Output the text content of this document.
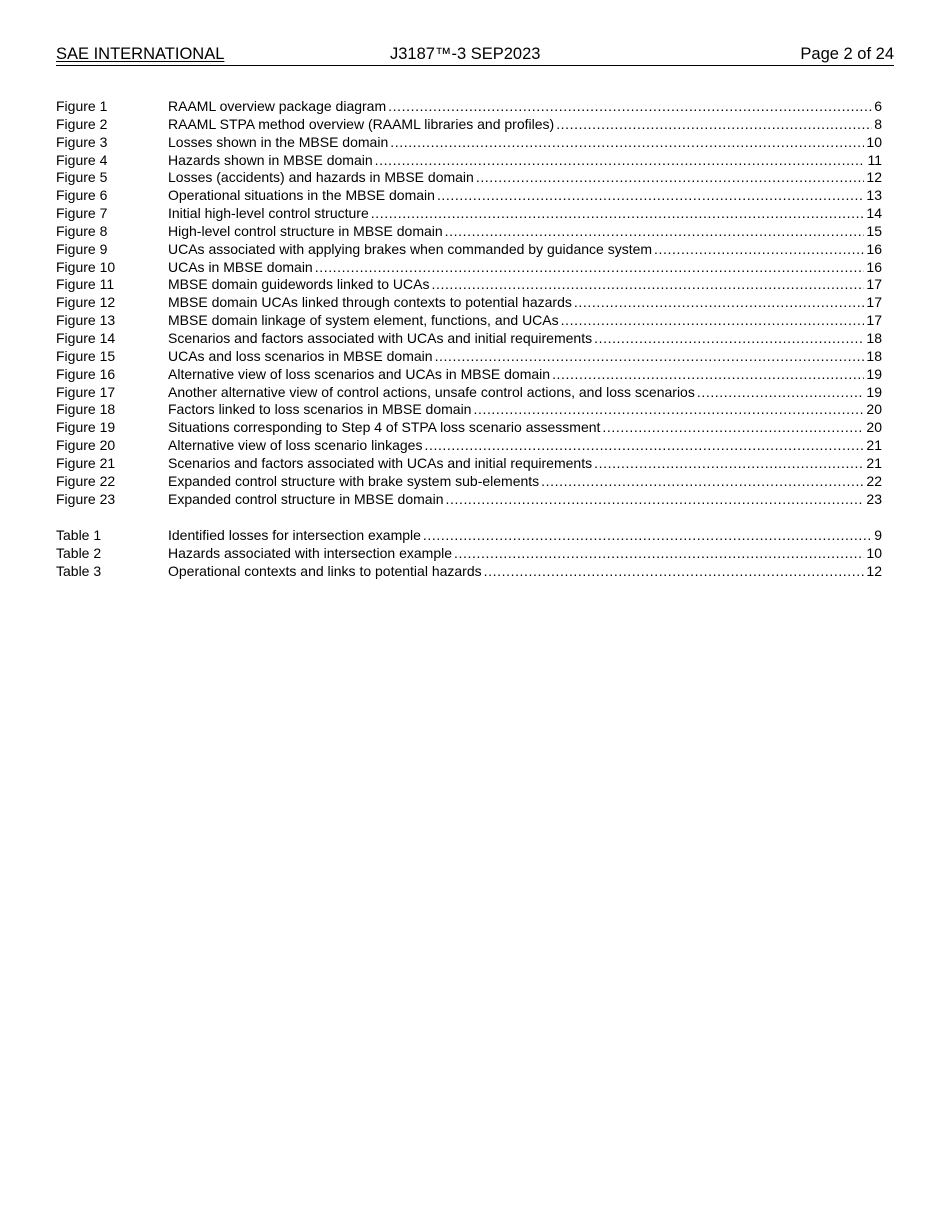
SAE INTERNATIONAL	J3187™-3 SEP2023	Page 2 of 24
Figure 1	RAAML overview package diagram .....	6
Figure 2	RAAML STPA method overview (RAAML libraries and profiles) .....	8
Figure 3	Losses shown in the MBSE domain .....	10
Figure 4	Hazards shown in MBSE domain .....	11
Figure 5	Losses (accidents) and hazards in MBSE domain .....	12
Figure 6	Operational situations in the MBSE domain .....	13
Figure 7	Initial high-level control structure .....	14
Figure 8	High-level control structure in MBSE domain .....	15
Figure 9	UCAs associated with applying brakes when commanded by guidance system .....	16
Figure 10	UCAs in MBSE domain .....	16
Figure 11	MBSE domain guidewords linked to UCAs .....	17
Figure 12	MBSE domain UCAs linked through contexts to potential hazards .....	17
Figure 13	MBSE domain linkage of system element, functions, and UCAs .....	17
Figure 14	Scenarios and factors associated with UCAs and initial requirements .....	18
Figure 15	UCAs and loss scenarios in MBSE domain .....	18
Figure 16	Alternative view of loss scenarios and UCAs in MBSE domain .....	19
Figure 17	Another alternative view of control actions, unsafe control actions, and loss scenarios .....	19
Figure 18	Factors linked to loss scenarios in MBSE domain .....	20
Figure 19	Situations corresponding to Step 4 of STPA loss scenario assessment .....	20
Figure 20	Alternative view of loss scenario linkages .....	21
Figure 21	Scenarios and factors associated with UCAs and initial requirements .....	21
Figure 22	Expanded control structure with brake system sub-elements .....	22
Figure 23	Expanded control structure in MBSE domain .....	23
Table 1	Identified losses for intersection example .....	9
Table 2	Hazards associated with intersection example .....	10
Table 3	Operational contexts and links to potential hazards .....	12
